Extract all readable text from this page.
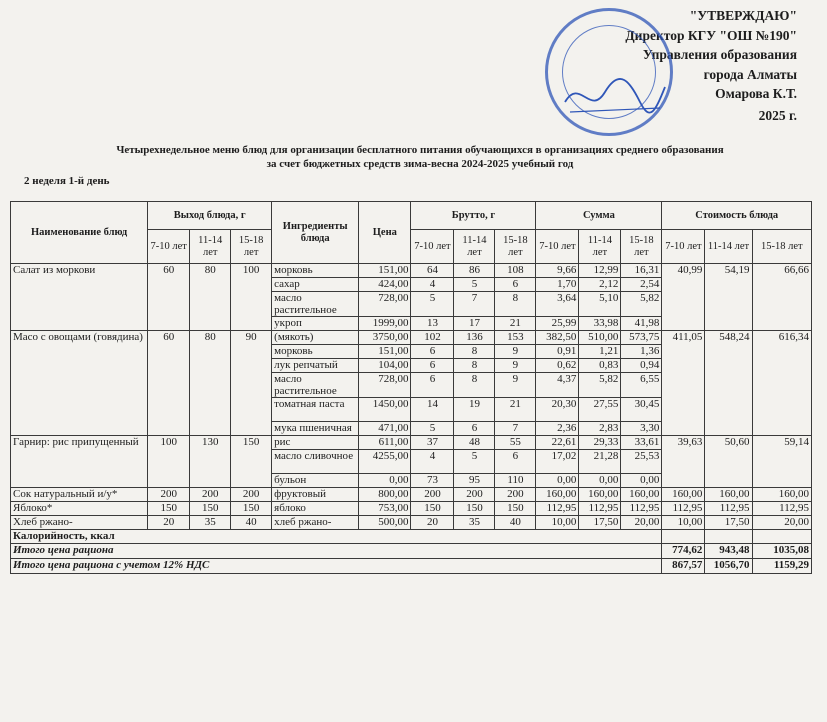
"УТВЕРЖДАЮ"
Директор КГУ "ОШ №190"
Управления образования
города Алматы
Омарова К.Т.
2025 г.
Четырехнедельное меню блюд для организации бесплатного питания обучающихся в организациях среднего образования
за счет бюджетных средств зима-весна 2024-2025 учебный год
2 неделя 1-й день
Наименование блюд	Выход блюда, г			Ингредиенты блюда	Цена	Брутто, г			Сумма			Стоимость блюда		
	7-10 лет	11-14 лет	15-18 лет			7-10 лет	11-14 лет	15-18 лет	7-10 лет	11-14 лет	15-18 лет	7-10 лет	11-14 лет	15-18 лет
Салат из моркови	60	80	100	морковь	151,00	64	86	108	9,66	12,99	16,31	40,99	54,19	66,66
				сахар	424,00	4	5	6	1,70	2,12	2,54			
				масло растительное	728,00	5	7	8	3,64	5,10	5,82			
				укроп	1999,00	13	17	21	25,99	33,98	41,98			
Масо с овощами (говядина)	60	80	90	(мякоть)	3750,00	102	136	153	382,50	510,00	573,75	411,05	548,24	616,34
				морковь	151,00	6	8	9	0,91	1,21	1,36			
				лук репчатый	104,00	6	8	9	0,62	0,83	0,94			
				масло растительное	728,00	6	8	9	4,37	5,82	6,55			
				томатная паста	1450,00	14	19	21	20,30	27,55	30,45			
				мука пшеничная	471,00	5	6	7	2,36	2,83	3,30			
Гарнир: рис припущенный	100	130	150	рис	611,00	37	48	55	22,61	29,33	33,61	39,63	50,60	59,14
				масло сливочное	4255,00	4	5	6	17,02	21,28	25,53			
				бульон	0,00	73	95	110	0,00	0,00	0,00			
Сок натуральный и/у*	200	200	200	фруктовый	800,00	200	200	200	160,00	160,00	160,00	160,00	160,00	160,00
Яблоко*	150	150	150	яблоко	753,00	150	150	150	112,95	112,95	112,95	112,95	112,95	112,95
Хлеб ржано-	20	35	40	хлеб ржано-	500,00	20	35	40	10,00	17,50	20,00	10,00	17,50	20,00
Калорийность, ккал														
Итого цена рациона												774,62	943,48	1035,08
Итого цена рациона с учетом 12% НДС												867,57	1056,70	1159,29
